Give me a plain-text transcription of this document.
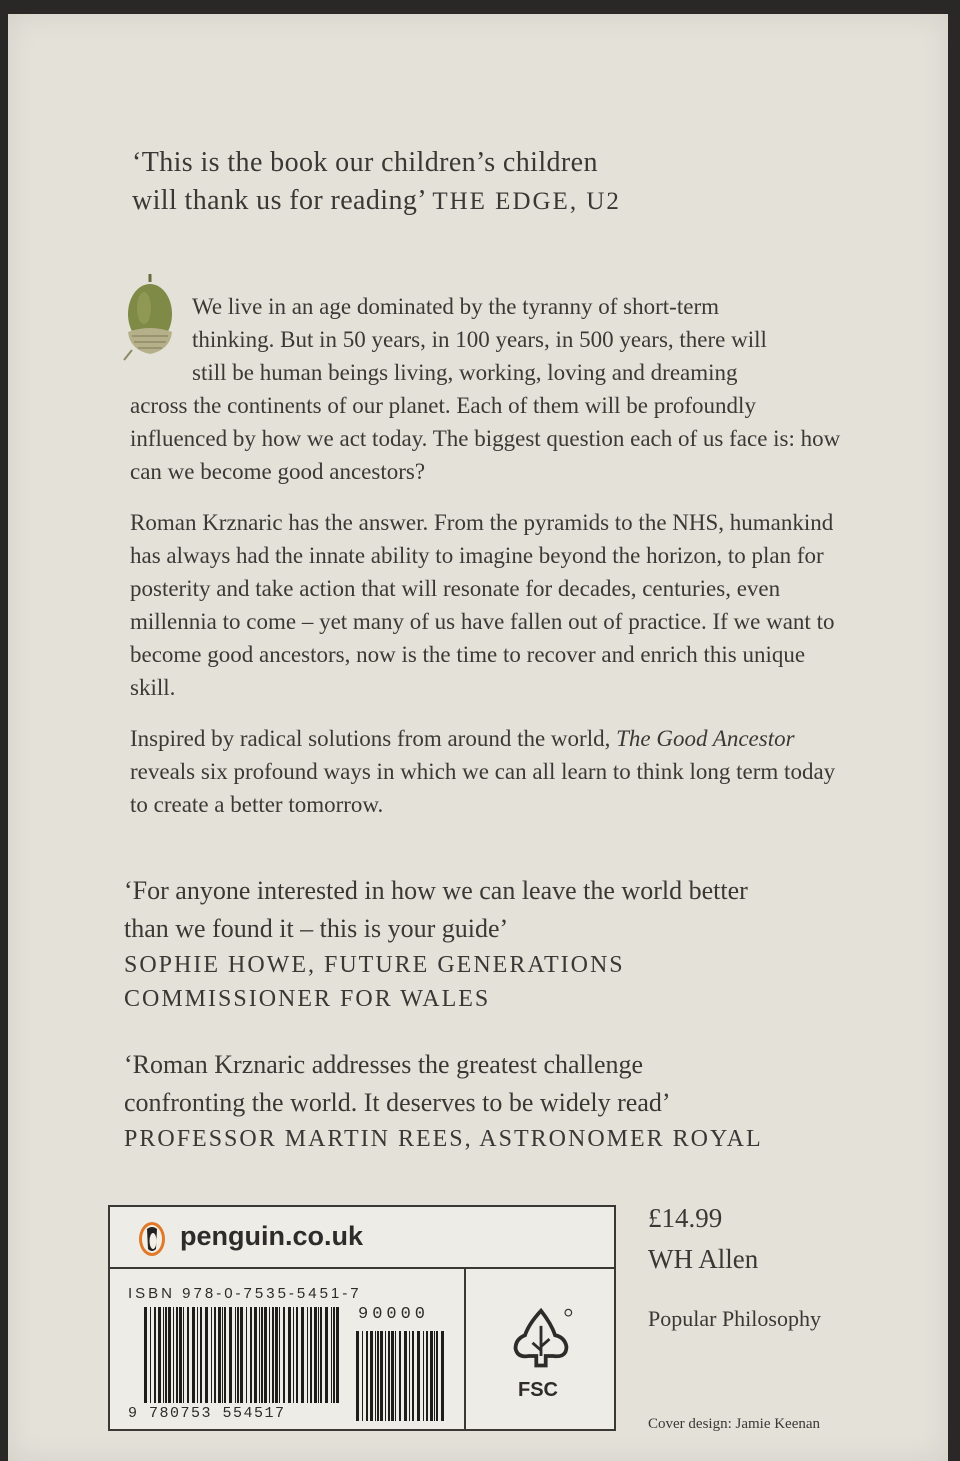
‘This is the book our children’s children
will thank us for reading’ THE EDGE, U2

We live in an age dominated by the tyranny of short-term
thinking. But in 50 years, in 100 years, in 500 years, there will
still be human beings living, working, loving and dreaming
across the continents of our planet. Each of them will be profoundly influenced by how we act today. The biggest question each of us face is: how can we become good ancestors?

Roman Krznaric has the answer. From the pyramids to the NHS, humankind has always had the innate ability to imagine beyond the horizon, to plan for posterity and take action that will resonate for decades, centuries, even millennia to come – yet many of us have fallen out of practice. If we want to become good ancestors, now is the time to recover and enrich this unique skill.

Inspired by radical solutions from around the world, The Good Ancestor reveals six profound ways in which we can all learn to think long term today to create a better tomorrow.

‘For anyone interested in how we can leave the world better than we found it – this is your guide’
SOPHIE HOWE, FUTURE GENERATIONS
COMMISSIONER FOR WALES
‘Roman Krznaric addresses the greatest challenge confronting the world. It deserves to be widely read’
PROFESSOR MARTIN REES, ASTRONOMER ROYAL
penguin.co.uk
ISBN 978-0-7535-5451-7
90000
9 780753 554517
FSC
£14.99
WH Allen
Popular Philosophy
Cover design: Jamie Keenan
